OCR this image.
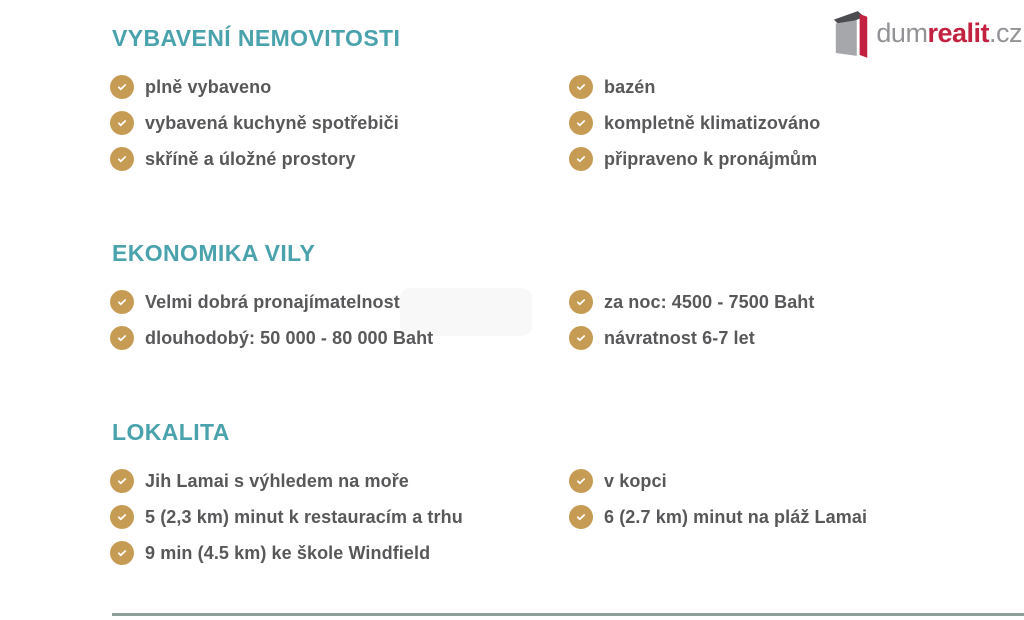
dumrealit.cz
VYBAVENÍ NEMOVITOSTI
plně vybaveno
vybavená kuchyně spotřebiči
skříně a úložné prostory
bazén
kompletně klimatizováno
připraveno k pronájmům
EKONOMIKA VILY
Velmi dobrá pronajímatelnost
dlouhodobý: 50 000 - 80 000 Baht
za noc: 4500 - 7500 Baht
návratnost 6-7 let
LOKALITA
Jih Lamai s výhledem na moře
5 (2,3 km) minut k restauracím a trhu
9 min (4.5 km) ke škole Windfield
v kopci
6 (2.7 km) minut na pláž Lamai
